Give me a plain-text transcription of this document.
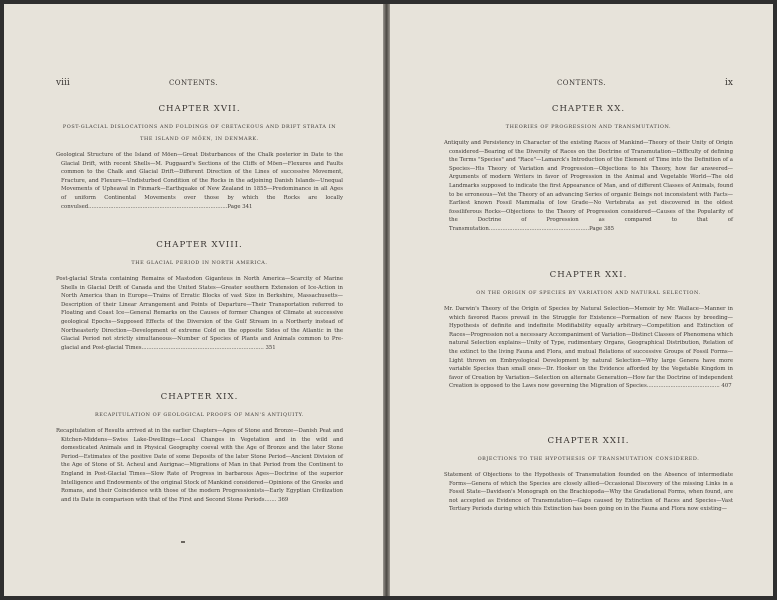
viii	CONTENTS.
CHAPTER XVII.
POST-GLACIAL DISLOCATIONS AND FOLDINGS OF CRETACEOUS AND DRIFT STRATA IN THE ISLAND OF MÖEN, IN DENMARK.

Geological Structure of the Island of Möen—Great Disturbances of the Chalk posterior in Date to the Glacial Drift, with recent Shells—M. Puggaard's Sections of the Cliffs of Möen—Flexures and Faults common to the Chalk and Glacial Drift—Different Direction of the Lines of successive Movement, Fracture, and Flexure—Undisturbed Condition of the Rocks in the adjoining Danish Islands—Unequal Movements of Upheaval in Finmark—Earthquake of New Zealand in 1855—Predominance in all Ages of uniform Continental Movements over those by which the Rocks are locally convulsed..................................................................................Page 341

CHAPTER XVIII.
THE GLACIAL PERIOD IN NORTH AMERICA.

Post-glacial Strata containing Remains of Mastodon Giganteus in North America—Scarcity of Marine Shells in Glacial Drift of Canada and the United States—Greater southern Extension of Ice-Action in North America than in Europe—Trains of Erratic Blocks of vast Size in Berkshire, Massachusetts—Description of their Linear Arrangement and Points of Departure—Their Transportation referred to Floating and Coast Ice—General Remarks on the Causes of former Changes of Climate at successive geological Epochs—Supposed Effects of the Diversion of the Gulf Stream in a Northerly instead of Northeasterly Direction—Development of extreme Cold on the opposite Sides of the Atlantic in the Glacial Period not strictly simultaneous—Number of Species of Plants and Animals common to Pre-glacial and Post-glacial Times........................................................................ 351

CHAPTER XIX.
RECAPITULATION OF GEOLOGICAL PROOFS OF MAN'S ANTIQUITY.

Recapitulation of Results arrived at in the earlier Chapters—Ages of Stone and Bronze—Danish Peat and Kitchen-Middens—Swiss Lake-Dwellings—Local Changes in Vegetation and in the wild and domesticated Animals and in Physical Geography coeval with the Age of Bronze and the later Stone Period—Estimates of the positive Date of some Deposits of the later Stone Period—Ancient Division of the Age of Stone of St. Acheul and Aurignac—Migrations of Man in that Period from the Continent to England in Post-Glacial Times—Slow Rate of Progress in barbarous Ages—Doctrine of the superior Intelligence and Endowments of the original Stock of Mankind considered—Opinions of the Greeks and Romans, and their Coincidence with those of the modern Progressionists—Early Egyptian Civilization and its Date in comparison with that of the First and Second Stone Periods....... 369

CONTENTS.	ix
CHAPTER XX.
THEORIES OF PROGRESSION AND TRANSMUTATION.

Antiquity and Persistency in Character of the existing Races of Mankind—Theory of their Unity of Origin considered—Bearing of the Diversity of Races on the Doctrine of Transmutation—Difficulty of defining the Terms "Species" and "Race"—Lamarck's Introduction of the Element of Time into the Definition of a Species—His Theory of Variation and Progression—Objections to his Theory, how far answered—Arguments of modern Writers in favor of Progression in the Animal and Vegetable World—The old Landmarks supposed to indicate the first Appearance of Man, and of different Classes of Animals, found to be erroneous—Yet the Theory of an advancing Series of organic Beings not inconsistent with Facts—Earliest known Fossil Mammalia of low Grade—No Vertebrata as yet discovered in the oldest fossiliferous Rocks—Objections to the Theory of Progression considered—Causes of the Popularity of the Doctrine of Progression as compared to that of Transmutation...........................................................Page 385

CHAPTER XXI.
ON THE ORIGIN OF SPECIES BY VARIATION AND NATURAL SELECTION.

Mr. Darwin's Theory of the Origin of Species by Natural Selection—Memoir by Mr. Wallace—Manner in which favored Races prevail in the Struggle for Existence—Formation of new Races by breeding—Hypothesis of definite and indefinite Modifiability equally arbitrary—Competition and Extinction of Races—Progression not a necessary Accompaniment of Variation—Distinct Classes of Phenomena which natural Selection explains—Unity of Type, rudimentary Organs, Geographical Distribution, Relation of the extinct to the living Fauna and Flora, and mutual Relations of successive Groups of Fossil Forms—Light thrown on Embryological Development by natural Selection—Why large Genera have more variable Species than small ones—Dr. Hooker on the Evidence afforded by the Vegetable Kingdom in favor of Creation by Variation—Selection on alternate Generation—How far the Doctrine of independent Creation is opposed to the Laws now governing the Migration of Species........................................... 407

CHAPTER XXII.
OBJECTIONS TO THE HYPOTHESIS OF TRANSMUTATION CONSIDERED.

Statement of Objections to the Hypothesis of Transmutation founded on the Absence of intermediate Forms—Genera of which the Species are closely allied—Occasional Discovery of the missing Links in a Fossil State—Davidson's Monograph on the Brachiopoda—Why the Gradational Forms, when found, are not accepted as Evidence of Transmutation—Gaps caused by Extinction of Races and Species—Vast Tertiary Periods during which this Extinction has been going on in the Fauna and Flora now existing—
